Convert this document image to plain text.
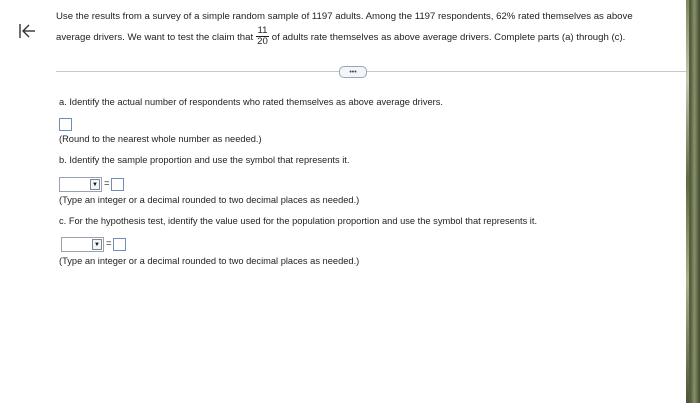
Use the results from a survey of a simple random sample of 1197 adults. Among the 1197 respondents, 62% rated themselves as above
average drivers. We want to test the claim that $\frac{11}{20}$ of adults rate themselves as above average drivers. Complete parts (a) through (c).
•••
a. Identify the actual number of respondents who rated themselves as above average drivers.
(Round to the nearest whole number as needed.)
b. Identify the sample proportion and use the symbol that represents it.
▼ =
(Type an integer or a decimal rounded to two decimal places as needed.)
c. For the hypothesis test, identify the value used for the population proportion and use the symbol that represents it.
▼ =
(Type an integer or a decimal rounded to two decimal places as needed.)
